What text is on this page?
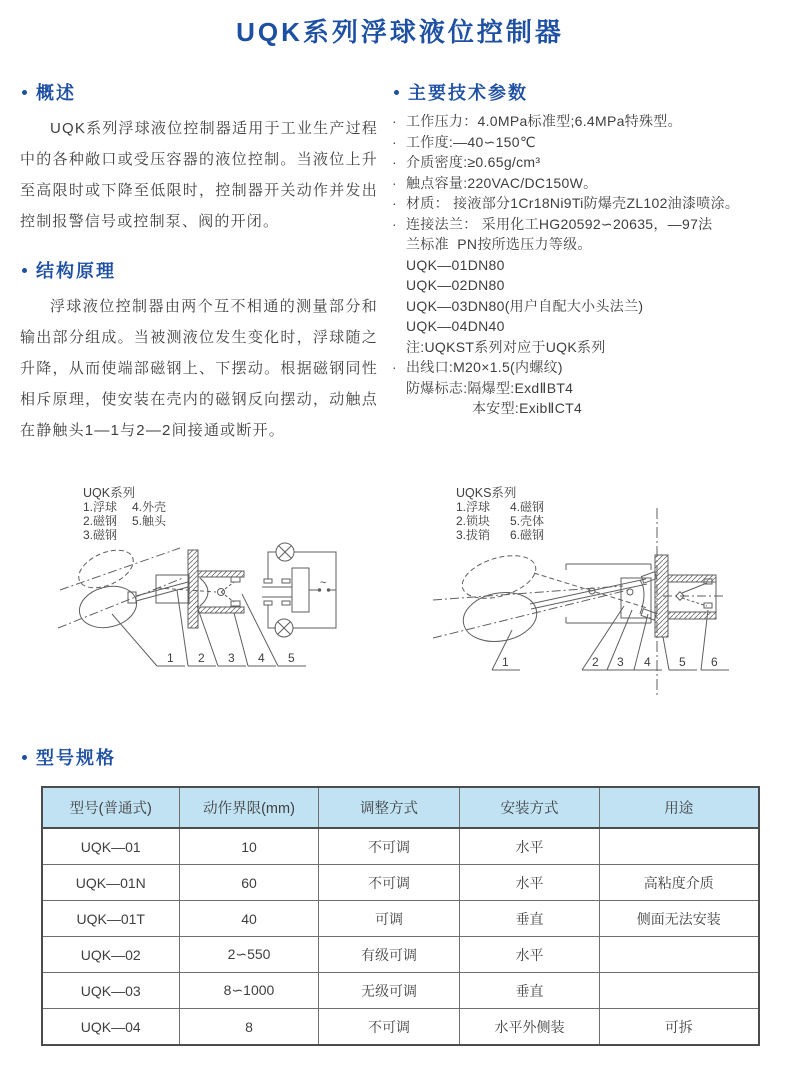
UQK系列浮球液位控制器
概述

UQK系列浮球液位控制器适用于工业生产过程中的各种敞口或受压容器的液位控制。当液位上升至高限时或下降至低限时，控制器开关动作并发出控制报警信号或控制泵、阀的开闭。

结构原理

浮球液位控制器由两个互不相通的测量部分和输出部分组成。当被测液位发生变化时，浮球随之升降，从而使端部磁钢上、下摆动。根据磁钢同性相斥原理，使安装在壳内的磁钢反向摆动，动触点在静触头1—1与2—2间接通或断开。

主要技术参数
· 工作压力：4.0MPa标准型;6.4MPa特殊型。
· 工作度:—40∽150℃
· 介质密度:≥0.65g/cm³
· 触点容量:220VAC/DC150W。
· 材质： 接液部分1Cr18Ni9Ti防爆壳ZL102油漆喷涂。
· 连接法兰： 采用化工HG20592∽20635，—97法
兰标准  PN按所选压力等级。
UQK—01DN80
UQK—02DN80
UQK—03DN80(用户自配大小头法兰)
UQK—04DN40
注:UQKST系列对应于UQK系列
· 出线口:M20×1.5(内螺纹)
防爆标志:隔爆型:ExdⅡBT4
本安型:ExibⅡCT4
UQK系列
1.浮球 4.外壳
2.磁钢 5.触头
3.磁钢
~
1 2 3 4 5
UQKS系列
1.浮球 4.磁钢
2.锁块 5.壳体
3.拔销 6.磁钢
1	2 3 4 5 6
型号规格
型号(普通式)	动作界限(mm)	调整方式	安装方式	用途
UQK—01	10	不可调	水平	
UQK—01N	60	不可调	水平	高粘度介质
UQK—01T	40	可调	垂直	侧面无法安装
UQK—02	2∽550	有级可调	水平	
UQK—03	8∽1000	无级可调	垂直	
UQK—04	8	不可调	水平外侧装	可拆
